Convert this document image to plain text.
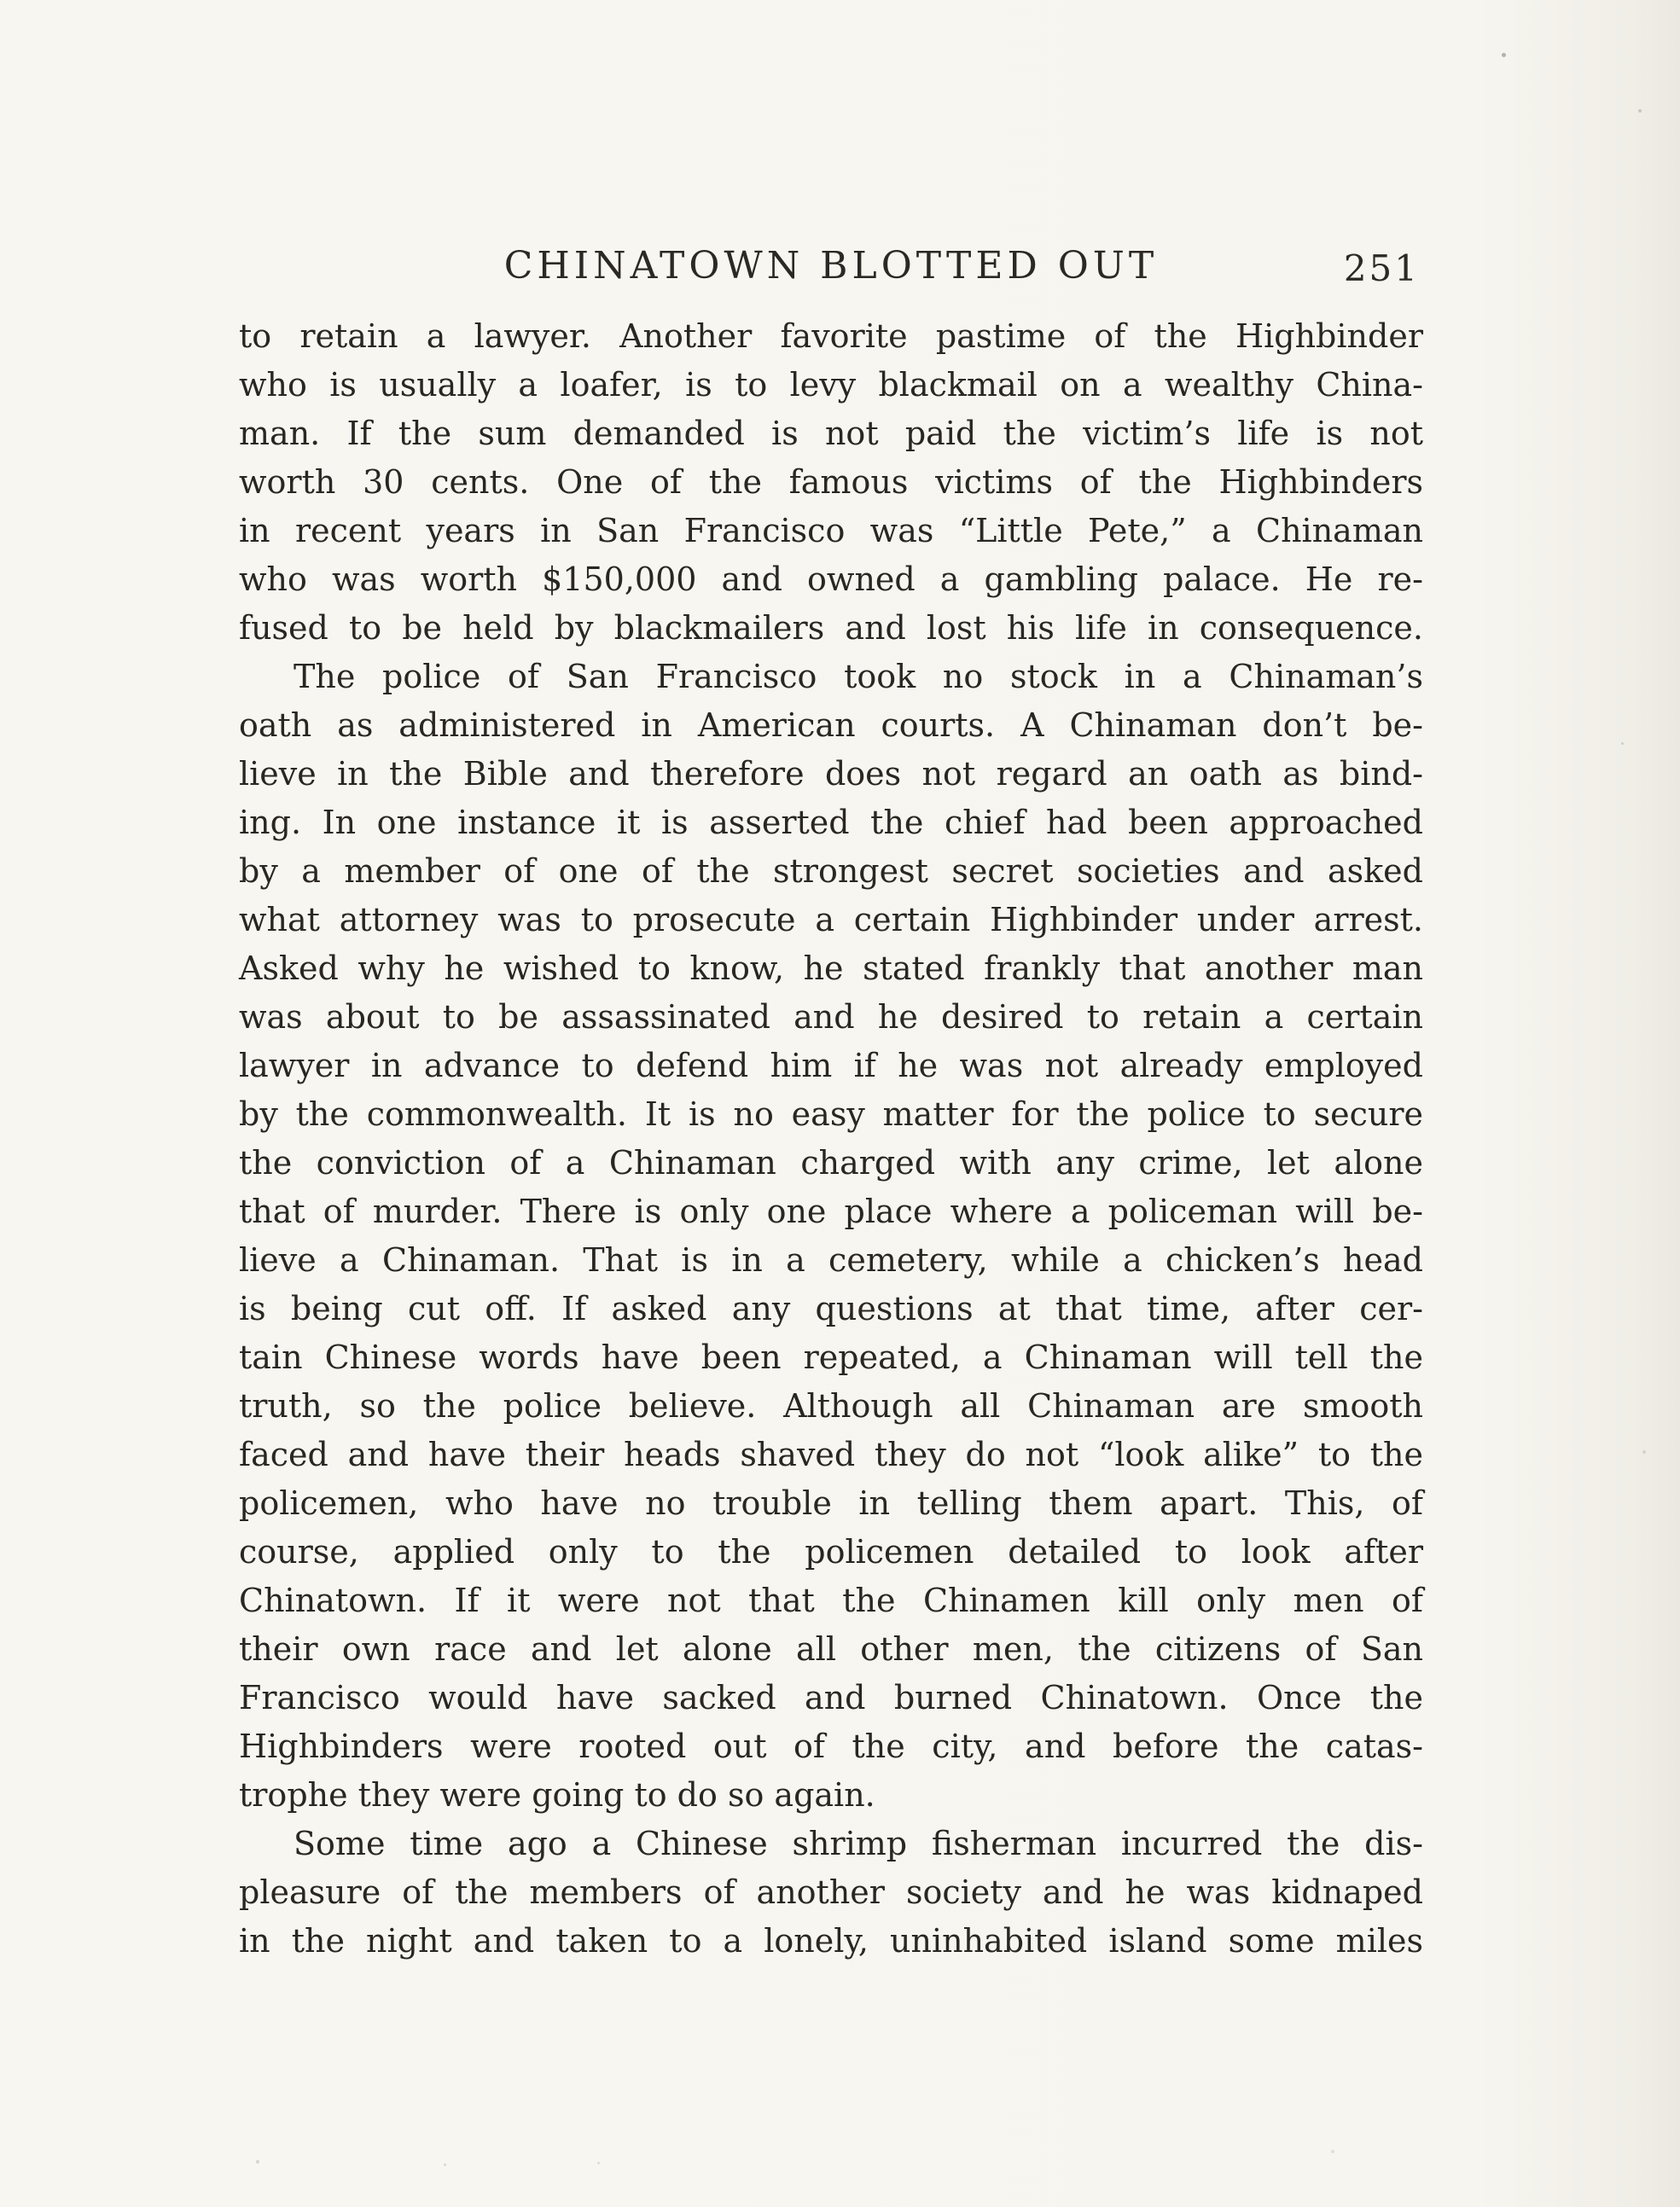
CHINATOWN BLOTTED OUT	251
to retain a lawyer. Another favorite pastime of the Highbinder
who is usually a loafer, is to levy blackmail on a wealthy China-
man. If the sum demanded is not paid the victim’s life is not
worth 30 cents. One of the famous victims of the Highbinders
in recent years in San Francisco was “Little Pete,” a Chinaman
who was worth $150,000 and owned a gambling palace. He re-
fused to be held by blackmailers and lost his life in consequence.
The police of San Francisco took no stock in a Chinaman’s
oath as administered in American courts. A Chinaman don’t be-
lieve in the Bible and therefore does not regard an oath as bind-
ing. In one instance it is asserted the chief had been approached
by a member of one of the strongest secret societies and asked
what attorney was to prosecute a certain Highbinder under arrest.
Asked why he wished to know, he stated frankly that another man
was about to be assassinated and he desired to retain a certain
lawyer in advance to defend him if he was not already employed
by the commonwealth. It is no easy matter for the police to secure
the conviction of a Chinaman charged with any crime, let alone
that of murder. There is only one place where a policeman will be-
lieve a Chinaman. That is in a cemetery, while a chicken’s head
is being cut off. If asked any questions at that time, after cer-
tain Chinese words have been repeated, a Chinaman will tell the
truth, so the police believe. Although all Chinaman are smooth
faced and have their heads shaved they do not “look alike” to the
policemen, who have no trouble in telling them apart. This, of
course, applied only to the policemen detailed to look after
Chinatown. If it were not that the Chinamen kill only men of
their own race and let alone all other men, the citizens of San
Francisco would have sacked and burned Chinatown. Once the
Highbinders were rooted out of the city, and before the catas-
trophe they were going to do so again.
Some time ago a Chinese shrimp fisherman incurred the dis-
pleasure of the members of another society and he was kidnaped
in the night and taken to a lonely, uninhabited island some miles
